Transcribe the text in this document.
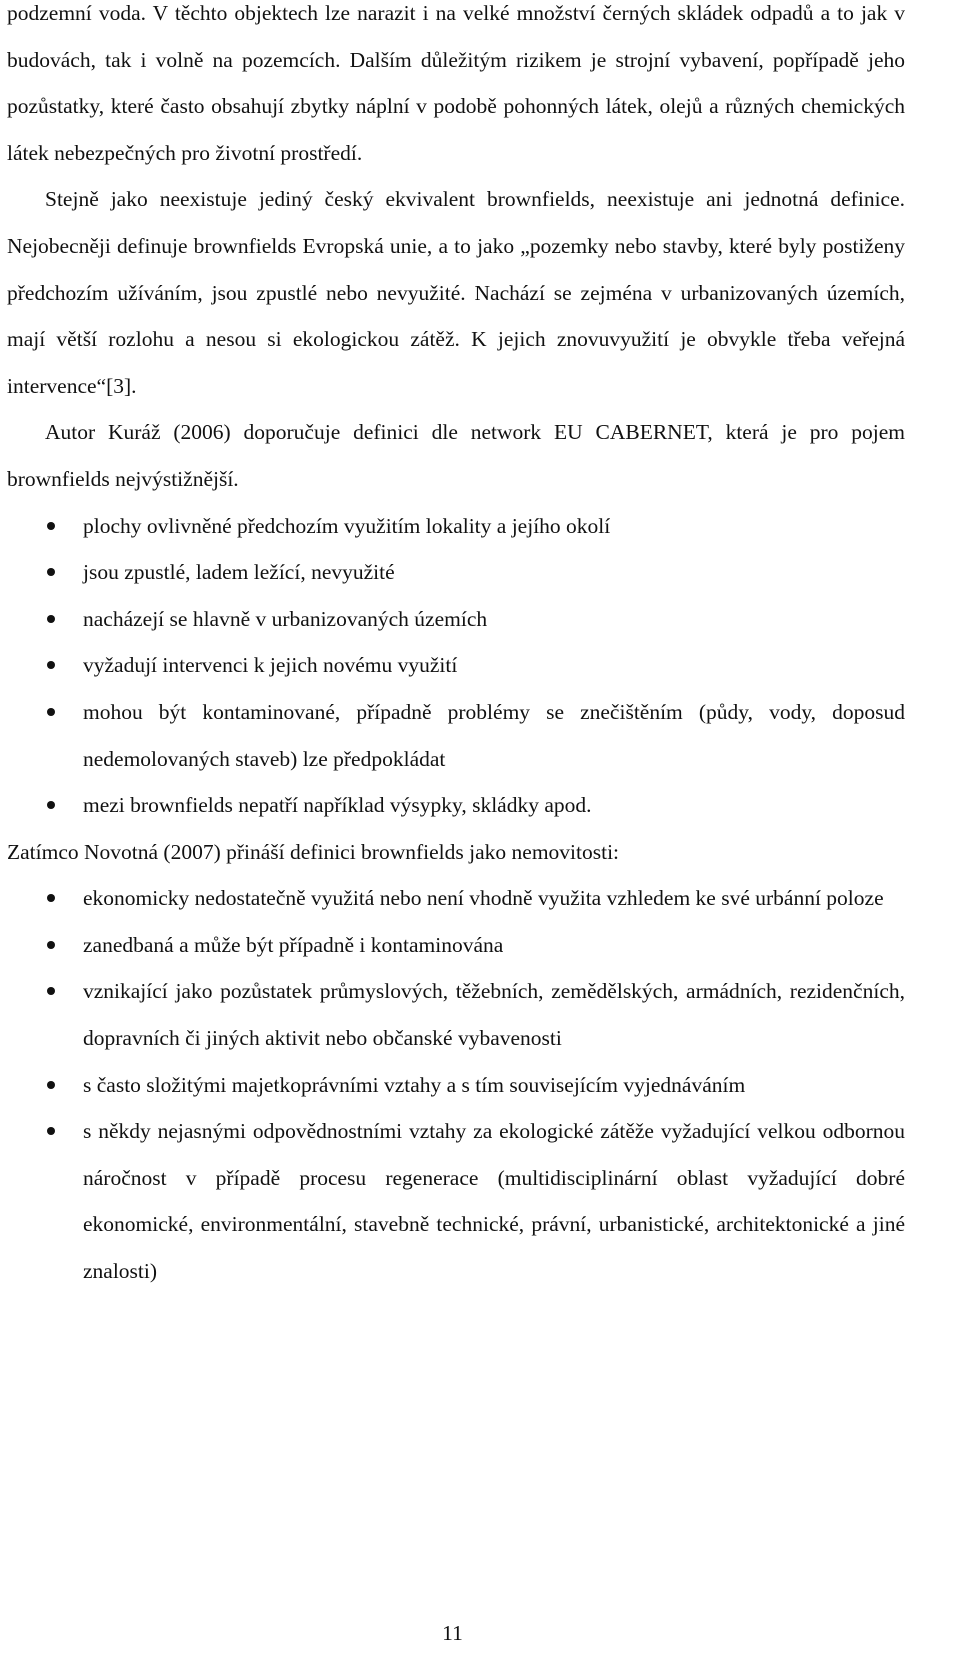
podzemní voda. V těchto objektech lze narazit i na velké množství černých skládek odpadů a to jak v budovách, tak i volně na pozemcích. Dalším důležitým rizikem je strojní vybavení, popřípadě jeho pozůstatky, které často obsahují zbytky náplní v podobě pohonných látek, olejů a různých chemických látek nebezpečných pro životní prostředí.

Stejně jako neexistuje jediný český ekvivalent brownfields, neexistuje ani jednotná definice. Nejobecněji definuje brownfields Evropská unie, a to jako „pozemky nebo stavby, které byly postiženy předchozím užíváním, jsou zpustlé nebo nevyužité. Nachází se zejména v urbanizovaných územích, mají větší rozlohu a nesou si ekologickou zátěž. K jejich znovuvyužití je obvykle třeba veřejná intervence“[3].

Autor Kuráž (2006) doporučuje definici dle network EU CABERNET, která je pro pojem brownfields nejvýstižnější.

plochy ovlivněné předchozím využitím lokality a jejího okolí
jsou zpustlé, ladem ležící, nevyužité
nacházejí se hlavně v urbanizovaných územích
vyžadují intervenci k jejich novému využití
mohou být kontaminované, případně problémy se znečištěním (půdy, vody, doposud nedemolovaných staveb) lze předpokládat
mezi brownfields nepatří například výsypky, skládky apod.

Zatímco Novotná (2007) přináší definici brownfields jako nemovitosti:

ekonomicky nedostatečně využitá nebo není vhodně využita vzhledem ke své urbánní poloze
zanedbaná a může být případně i kontaminována
vznikající jako pozůstatek průmyslových, těžebních, zemědělských, armádních, rezidenčních, dopravních či jiných aktivit nebo občanské vybavenosti
s často složitými majetkoprávními vztahy a s tím souvisejícím vyjednáváním
s někdy nejasnými odpovědnostními vztahy za ekologické zátěže vyžadující velkou odbornou náročnost v případě procesu regenerace (multidisciplinární oblast vyžadující dobré ekonomické, environmentální, stavebně technické, právní, urbanistické, architektonické a jiné znalosti)
11
